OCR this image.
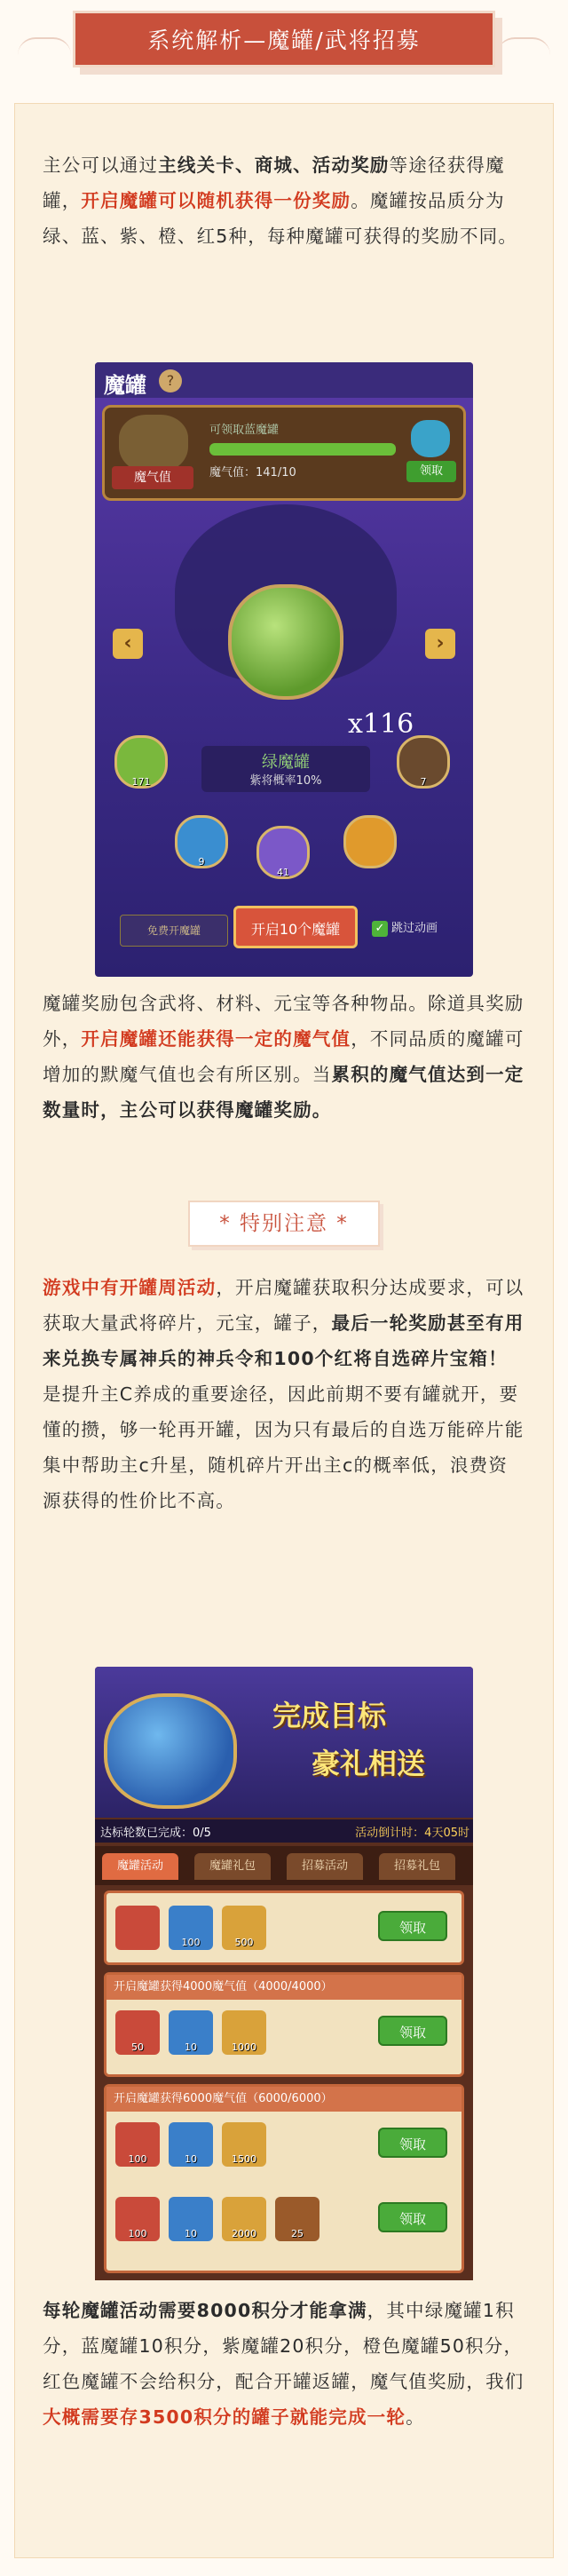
系统解析—魔罐/武将招募
主公可以通过主线关卡、商城、活动奖励等途径获得魔罐，开启魔罐可以随机获得一份奖励。魔罐按品质分为绿、蓝、紫、橙、红5种，每种魔罐可获得的奖励不同。
魔罐	?
魔气值
可领取蓝魔罐
魔气值：141/10	领取
‹	›
x116
绿魔罐
紫将概率10%
171	7
9
41
免费开魔罐	开启10个魔罐	✓ 跳过动画
魔罐奖励包含武将、材料、元宝等各种物品。除道具奖励外，开启魔罐还能获得一定的魔气值，不同品质的魔罐可增加的默魔气值也会有所区别。当累积的魔气值达到一定数量时，主公可以获得魔罐奖励。
* 特别注意 *
游戏中有开罐周活动，开启魔罐获取积分达成要求，可以获取大量武将碎片，元宝，罐子，最后一轮奖励甚至有用来兑换专属神兵的神兵令和100个红将自选碎片宝箱！是提升主C养成的重要途径，因此前期不要有罐就开，要懂的攒，够一轮再开罐，因为只有最后的自选万能碎片能集中帮助主c升星，随机碎片开出主c的概率低，浪费资源获得的性价比不高。
完成目标
豪礼相送
达标轮数已完成：0/5	活动倒计时：4天05时
魔罐活动	魔罐礼包	招募活动	招募礼包
100	500
领取
开启魔罐获得4000魔气值（4000/4000）
50	10	1000
领取
开启魔罐获得6000魔气值（6000/6000）
100	10	1500
领取
100	10	2000	25
领取
每轮魔罐活动需要8000积分才能拿满，其中绿魔罐1积分，蓝魔罐10积分，紫魔罐20积分，橙色魔罐50积分，红色魔罐不会给积分，配合开罐返罐，魔气值奖励，我们大概需要存3500积分的罐子就能完成一轮。
